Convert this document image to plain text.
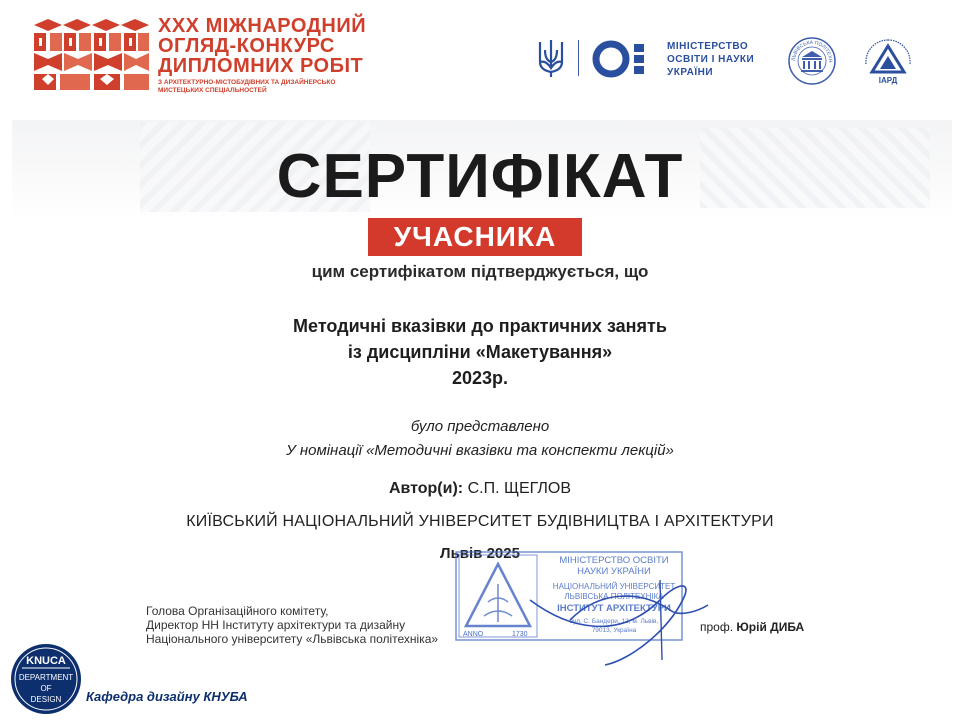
XXX МІЖНАРОДНИЙ
ОГЛЯД-КОНКУРС
ДИПЛОМНИХ РОБІТ
З АРХІТЕКТУРНО-МІСТОБУДІВНИХ ТА ДИЗАЙНЕРСЬКО МИСТЕЦЬКИХ СПЕЦІАЛЬНОСТЕЙ
МІНІСТЕРСТВО
ОСВІТИ І НАУКИ
УКРАЇНИ
ЛЬВІВСЬКА ПОЛІТЕХН
ІАРД
СЕРТИФІКАТ
УЧАСНИКА
цим сертифікатом підтверджується, що
Методичні вказівки до практичних занять
із дисципліни «Макетування»
2023р.
було представлено
У номінації «Методичні вказівки та конспекти лекцій»
Автор(и): С.П. ЩЕГЛОВ
КИЇВСЬКИЙ НАЦІОНАЛЬНИЙ УНІВЕРСИТЕТ БУДІВНИЦТВА І АРХІТЕКТУРИ
Львів 2025
ANNO	1730
МІНІСТЕРСТВО ОСВІТИ
НАУКИ УКРАЇНИ
НАЦІОНАЛЬНИЙ УНІВЕРСИТЕТ
ЛЬВІВСЬКА ПОЛІТЕХНІКА
ІНСТИТУТ АРХІТЕКТУРИ
вул. С. Бандери, 12, м. Львів,
79013, Україна
Голова Організаційного комітету,
Директор НН Інституту архітектури та дизайну
Національного університету «Львівська політехніка»
проф. Юрій ДИБА
KNUCA
DEPARTMENT
OF
DESIGN Кафедра дизайну КНУБА
